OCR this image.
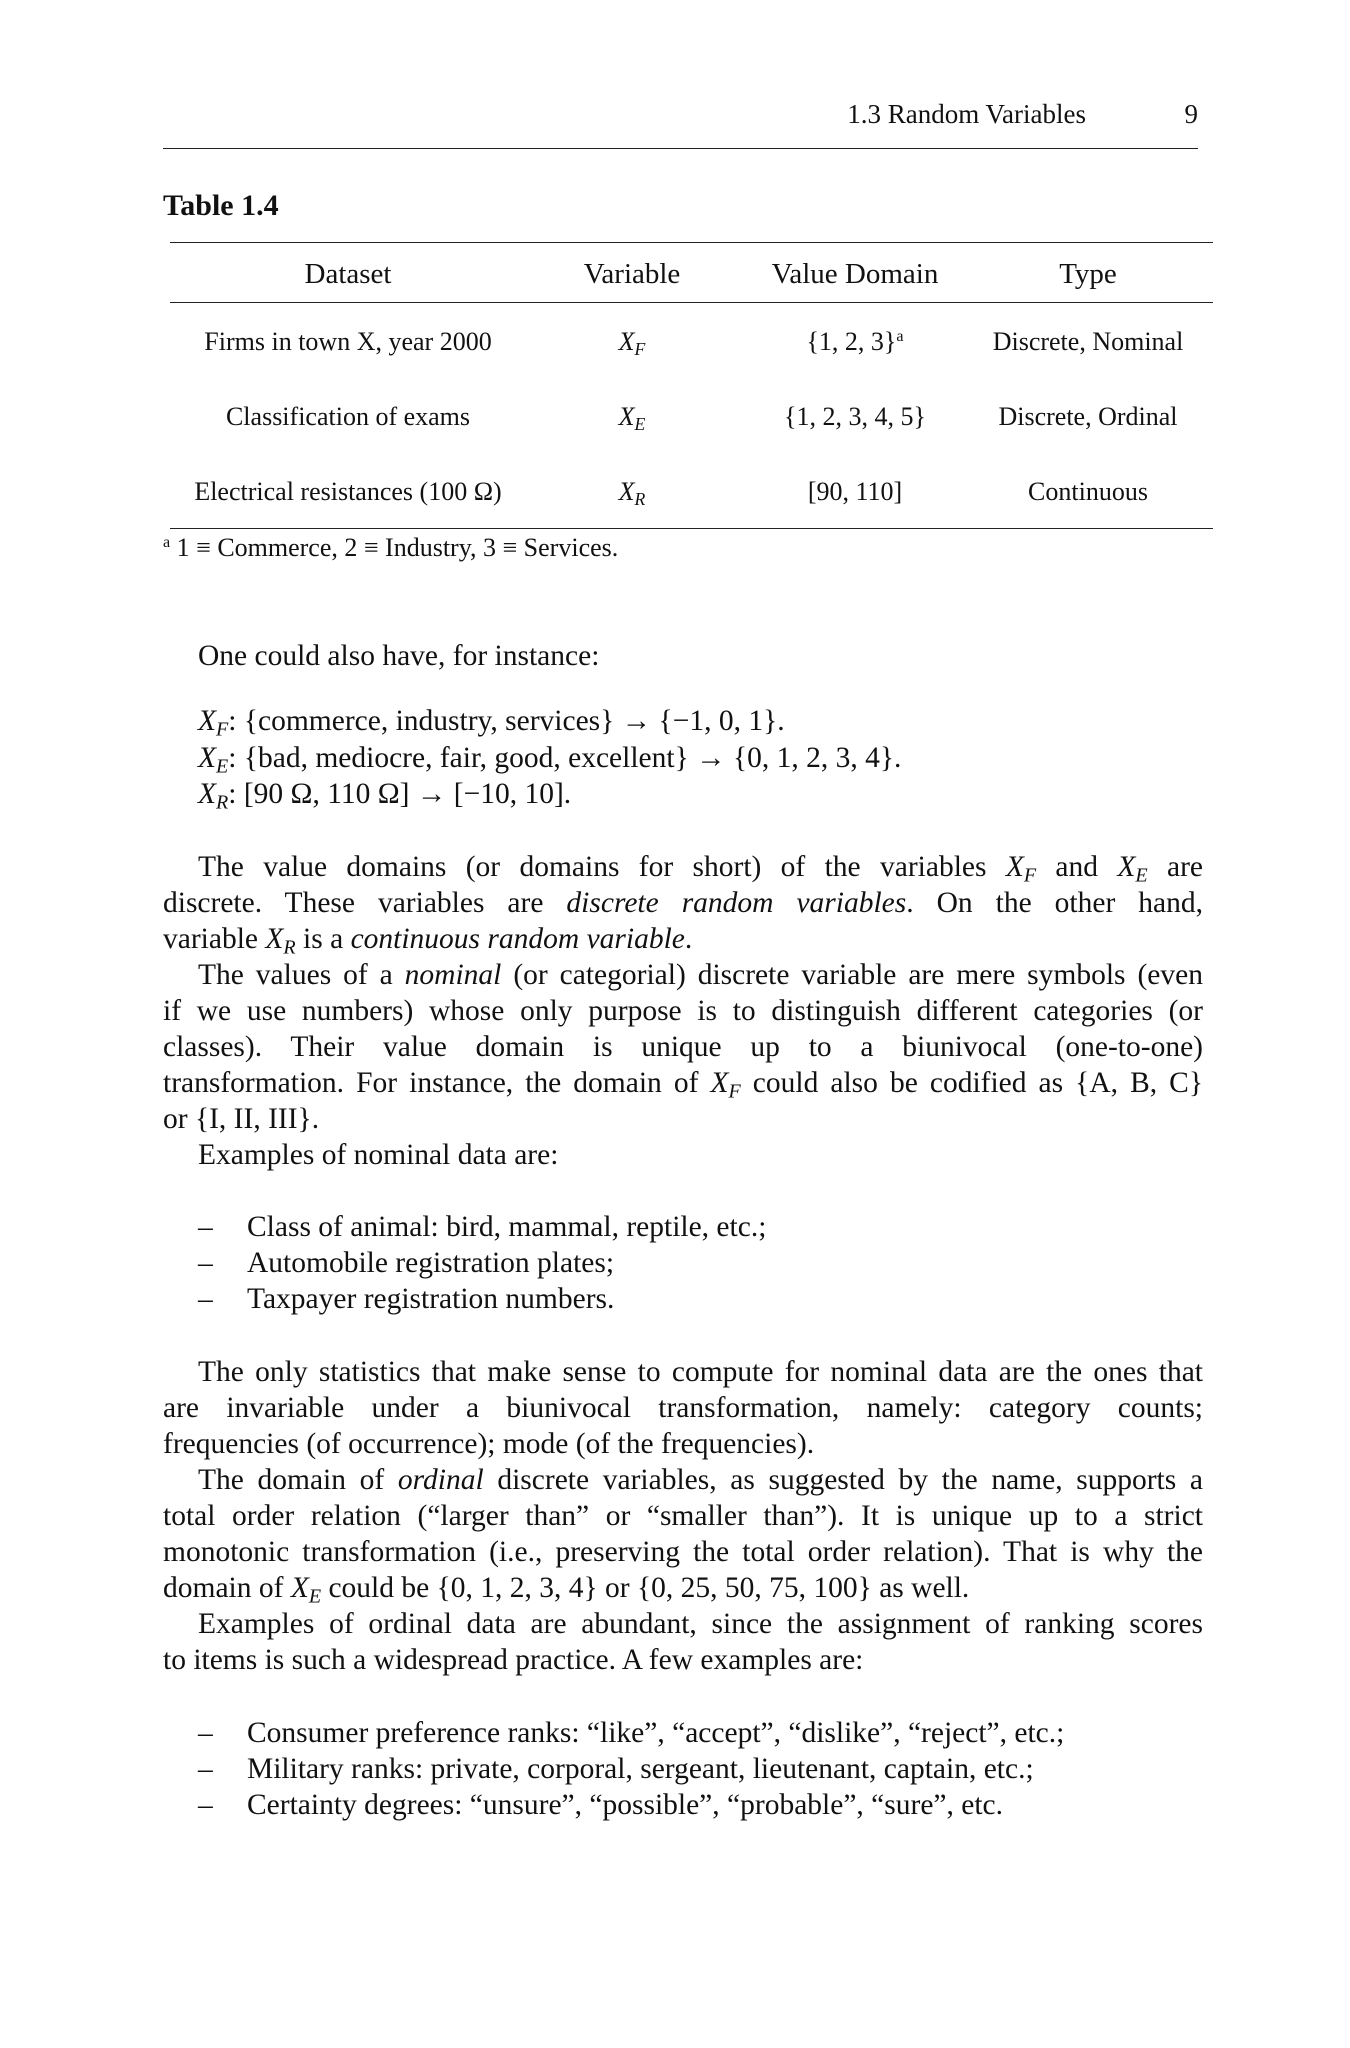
1.3 Random Variables	9
Table 1.4
Dataset	Variable	Value Domain	Type
Firms in town X, year 2000	$X_F$	{1, 2, 3}$^a$	Discrete, Nominal
Classification of exams	$X_E$	{1, 2, 3, 4, 5}	Discrete, Ordinal
Electrical resistances (100 Ω)	$X_R$	[90, 110]	Continuous
$^a$ 1 ≡ Commerce, 2 ≡ Industry, 3 ≡ Services.
One could also have, for instance:
$X_F$: {commerce, industry, services} → {−1, 0, 1}.
$X_E$: {bad, mediocre, fair, good, excellent} → {0, 1, 2, 3, 4}.
$X_R$: [90 Ω, 110 Ω] → [−10, 10].
The value domains (or domains for short) of the variables $X_F$ and $X_E$ are
discrete. These variables are discrete random variables. On the other hand,
variable $X_R$ is a continuous random variable.
The values of a nominal (or categorial) discrete variable are mere symbols (even
if we use numbers) whose only purpose is to distinguish different categories (or
classes). Their value domain is unique up to a biunivocal (one-to-one)
transformation. For instance, the domain of $X_F$ could also be codified as {A, B, C}
or {I, II, III}.
Examples of nominal data are:
– Class of animal: bird, mammal, reptile, etc.;
– Automobile registration plates;
– Taxpayer registration numbers.
The only statistics that make sense to compute for nominal data are the ones that
are invariable under a biunivocal transformation, namely: category counts;
frequencies (of occurrence); mode (of the frequencies).
The domain of ordinal discrete variables, as suggested by the name, supports a
total order relation (“larger than” or “smaller than”). It is unique up to a strict
monotonic transformation (i.e., preserving the total order relation). That is why the
domain of $X_E$ could be {0, 1, 2, 3, 4} or {0, 25, 50, 75, 100} as well.
Examples of ordinal data are abundant, since the assignment of ranking scores
to items is such a widespread practice. A few examples are:
– Consumer preference ranks: “like”, “accept”, “dislike”, “reject”, etc.;
– Military ranks: private, corporal, sergeant, lieutenant, captain, etc.;
– Certainty degrees: “unsure”, “possible”, “probable”, “sure”, etc.
